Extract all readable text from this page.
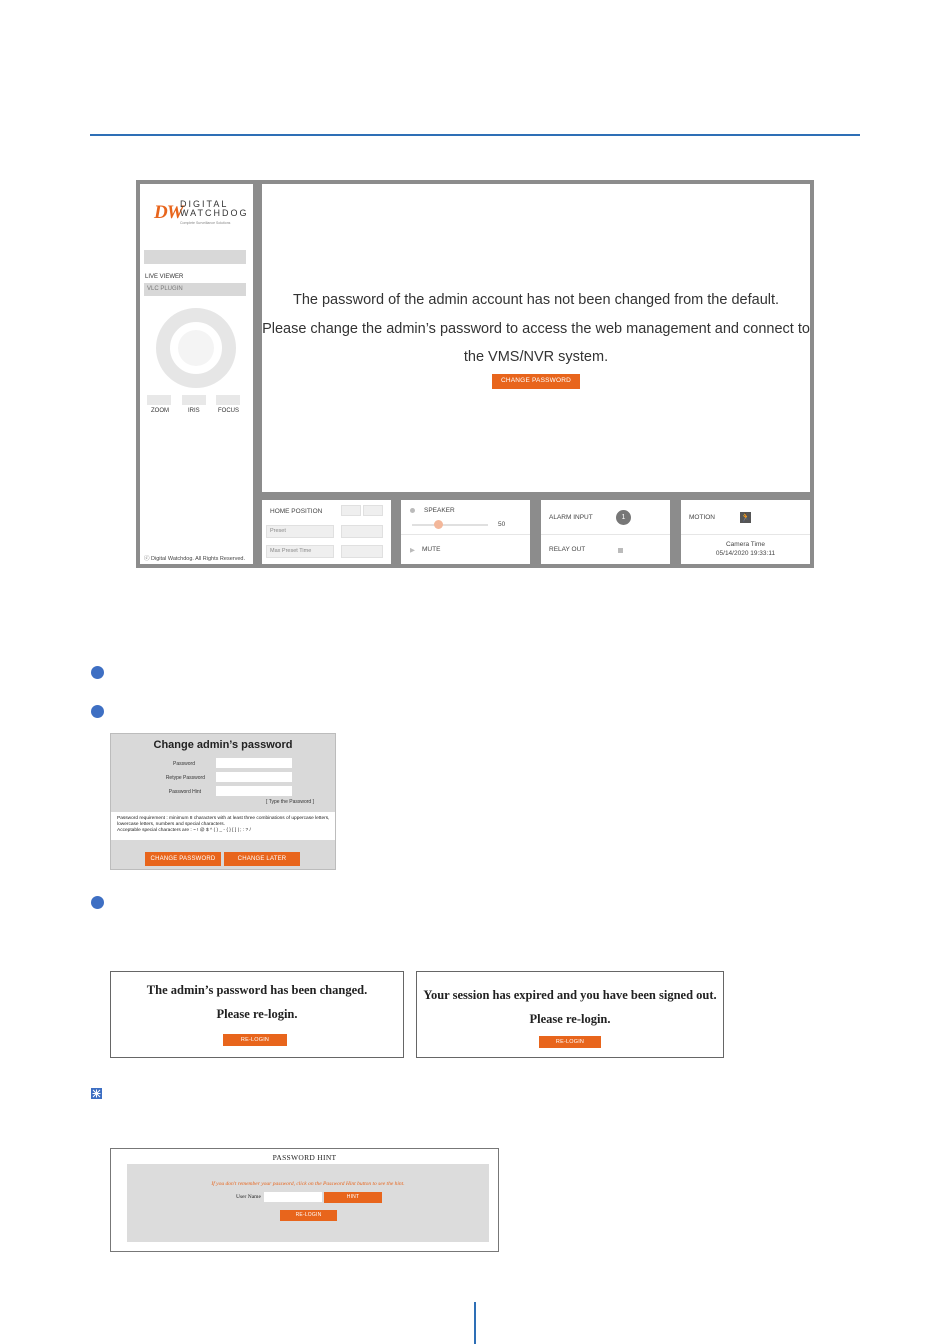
DW
DIGITAL WATCHDOG
Complete Surveillance Solutions
LIVE VIEWER
VLC PLUGIN
ZOOM	IRIS	FOCUS
ⓒ Digital Watchdog. All Rights Reserved.
The password of the admin account has not been changed from the default.
Please change the admin’s password to access the web management and connect to
the VMS/NVR system.
CHANGE PASSWORD
HOME POSITION
Preset
Max Preset Time
SPEAKER
50
▶ MUTE
ALARM INPUT	1
RELAY OUT
MOTION	🏃
Camera Time
05/14/2020 19:33:11
Change admin’s password
Password
Retype Password
Password Hint
[ Type the Password ]
Password requirement : minimum 8 characters with at least three combinations of uppercase letters, lowercase letters, numbers and special characters.
Acceptable special characters are : ~ ! @ $ ^ ( ) _ - { } [ ] | ; : ? /
CHANGE PASSWORD	CHANGE LATER
The admin’s password has been changed.
Please re-login.
RE-LOGIN
Your session has expired and you have been signed out.
Please re-login.
RE-LOGIN
PASSWORD HINT
If you don't remember your password, click on the Password Hint button to see the hint.
User Name	HINT
RE-LOGIN
